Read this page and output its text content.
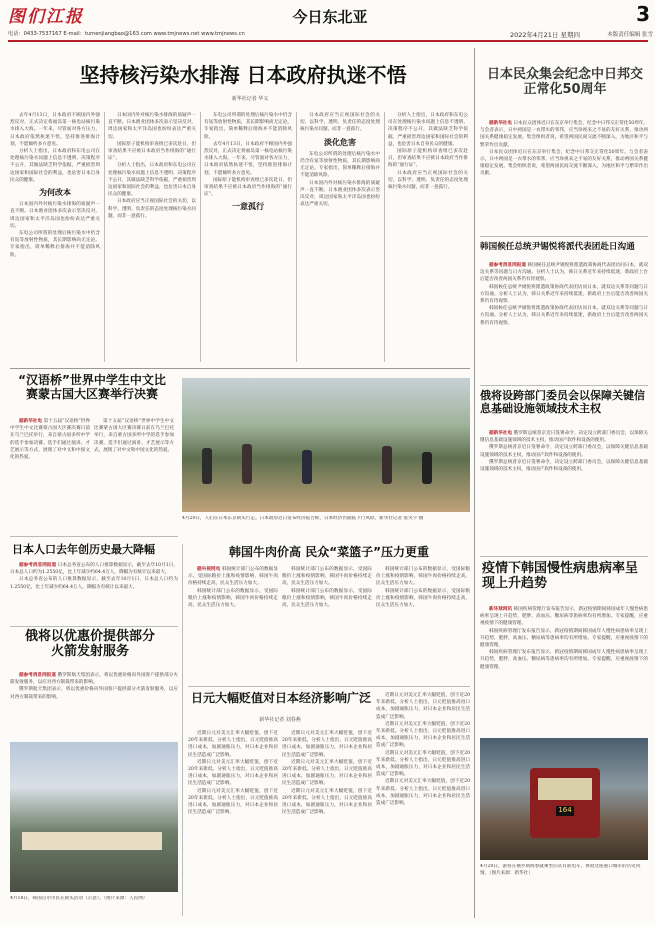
图们江报	今日东北亚	3
电话：0433-7537167 E-mail：tumenjiangbao@163.com www.tmjnews.net www.tmjnews.cn	2022年4月21日 星期四	本版责任编辑 张雪
坚持核污染水排海 日本政府执迷不悟
新华社记者 华义

去年4月13日，日本政府不顾国内外强烈反对，正式决定将福岛第一核电站核污染水排入大海。一年来，尽管面对各方压力，日本政府依然执迷不悟，坚持推进排海计划，不愿倾听多方意见。

分析人士指出，日本政府和东电公司在处理核污染水问题上信息不透明、决策程序不公开，其做法缺乏科学依据，严重损害周边国家和国际社会的利益，也危害日本自身民众的健康。

为何改本

日本国内外对核污染水排海的质疑声一直不断。日本渔业团体多次表示坚决反对，周边国家和太平洋岛国也纷纷表达严重关切。

东电公司所谓的处理后核污染水中仍含有氚等放射性物质，其长期影响尚无定论。专家指出，简单稀释后排海并不能消除风险。

日本国内外对核污染水排海的质疑声一直不断。日本渔业团体多次表示坚决反对，周边国家和太平洋岛国也纷纷表达严重关切。

国际原子能机构审查组已多次赴日，但审查结果不应被日本政府当作排海的“通行证”。

分析人士指出，日本政府和东电公司在处理核污染水问题上信息不透明、决策程序不公开，其做法缺乏科学依据，严重损害周边国家和国际社会的利益，也危害日本自身民众的健康。

日本政府应当正视国际社会的关切，以科学、透明、负责任的态度处理核污染水问题，而非一意孤行。

东电公司所谓的处理后核污染水中仍含有氚等放射性物质，其长期影响尚无定论。专家指出，简单稀释后排海并不能消除风险。

去年4月13日，日本政府不顾国内外强烈反对，正式决定将福岛第一核电站核污染水排入大海。一年来，尽管面对各方压力，日本政府依然执迷不悟，坚持推进排海计划，不愿倾听多方意见。

国际原子能机构审查组已多次赴日，但审查结果不应被日本政府当作排海的“通行证”。

一意孤行

日本政府应当正视国际社会的关切，以科学、透明、负责任的态度处理核污染水问题，而非一意孤行。

淡化危害

东电公司所谓的处理后核污染水中仍含有氚等放射性物质，其长期影响尚无定论。专家指出，简单稀释后排海并不能消除风险。

日本国内外对核污染水排海的质疑声一直不断。日本渔业团体多次表示坚决反对，周边国家和太平洋岛国也纷纷表达严重关切。

分析人士指出，日本政府和东电公司在处理核污染水问题上信息不透明、决策程序不公开，其做法缺乏科学依据，严重损害周边国家和国际社会的利益，也危害日本自身民众的健康。

国际原子能机构审查组已多次赴日，但审查结果不应被日本政府当作排海的“通行证”。

日本政府应当正视国际社会的关切，以科学、透明、负责任的态度处理核污染水问题，而非一意孤行。

日本民众集会纪念中日邦交正常化50周年

据新华社电 日本民众团体近日在东京举行集会，纪念中日邦交正常化50周年。与会者表示，日中两国是一衣带水的邻邦，应当珍视来之不易的友好关系，推动两国关系健康稳定发展。集会组织者说，希望两国民间交流不断深入，为地区和平与繁荣作出贡献。

日本民众团体近日在东京举行集会，纪念中日邦交正常化50周年。与会者表示，日中两国是一衣带水的邻邦，应当珍视来之不易的友好关系，推动两国关系健康稳定发展。集会组织者说，希望两国民间交流不断深入，为地区和平与繁荣作出贡献。

韩国候任总统尹锡悦将派代表团赴日沟通

据参考消息网报道 韩国候任总统尹锡悦将派遣政策协商代表团访问日本，就双边关系等问题与日方沟通。分析人士认为，韩日关系近年来持续低迷，新政府上台后能否改善两国关系仍有待观察。

韩国候任总统尹锡悦将派遣政策协商代表团访问日本，就双边关系等问题与日方沟通。分析人士认为，韩日关系近年来持续低迷，新政府上台后能否改善两国关系仍有待观察。

韩国候任总统尹锡悦将派遣政策协商代表团访问日本，就双边关系等问题与日方沟通。分析人士认为，韩日关系近年来持续低迷，新政府上台后能否改善两国关系仍有待观察。

俄将设跨部门委员会以保障关键信息基础设施领域技术主权

据新华社电 俄罗斯总统普京近日签署命令，决定设立跨部门委员会，以保障关键信息基础设施领域的技术主权，推动国产软件和设备的使用。

俄罗斯总统普京近日签署命令，决定设立跨部门委员会，以保障关键信息基础设施领域的技术主权，推动国产软件和设备的使用。

俄罗斯总统普京近日签署命令，决定设立跨部门委员会，以保障关键信息基础设施领域的技术主权，推动国产软件和设备的使用。

疫情下韩国慢性病患病率呈现上升趋势

新环球网讯 韩国疾病管理厅发布报告显示，新冠疫情期间韩国成年人慢性病患病率呈现上升趋势，肥胖、高血压、糖尿病等患病率均有所增加。专家提醒，应重视疫情下的健康管理。

韩国疾病管理厅发布报告显示，新冠疫情期间韩国成年人慢性病患病率呈现上升趋势，肥胖、高血压、糖尿病等患病率均有所增加。专家提醒，应重视疫情下的健康管理。

韩国疾病管理厅发布报告显示，新冠疫情期间韩国成年人慢性病患病率呈现上升趋势，肥胖、高血压、糖尿病等患病率均有所增加。专家提醒，应重视疫情下的健康管理。

164
4月20日，游客在俄罗斯海参崴乘坐旧式有轨电车，体验这座港口城市的历史风情。（图片来源：新华社）
“汉语桥”世界中学生中文比赛蒙古国大区赛举行决赛

据新华社电 第十五届“汉语桥”世界中学生中文比赛蒙古国大区赛决赛日前在乌兰巴托举行，来自蒙古国多所中学的选手参加决赛。选手们通过演讲、才艺展示等方式，展现了对中文和中国文化的热爱。

第十五届“汉语桥”世界中学生中文比赛蒙古国大区赛决赛日前在乌兰巴托举行，来自蒙古国多所中学的选手参加决赛。选手们通过演讲、才艺展示等方式，展现了对中文和中国文化的热爱。

4月20日，人们在日本东京街头行走。日本政府近日发布经济报告称，日本经济仍面临下行风险。新华社记者 张笑宇 摄
日本人口去年创历史最大降幅

据参考消息网报道 日本总务省公布的人口推算数据显示，截至去年10月1日，日本总人口约为1.2550亿，比上年减少约64.4万人，降幅为有统计以来最大。

日本总务省公布的人口推算数据显示，截至去年10月1日，日本总人口约为1.2550亿，比上年减少约64.4万人，降幅为有统计以来最大。

俄将以优惠价提供部分火箭发射服务

据参考消息网报道 俄罗斯航天集团表示，将以优惠价格向外国客户提供部分火箭发射服务，以应对西方制裁带来的影响。

俄罗斯航天集团表示，将以优惠价格向外国客户提供部分火箭发射服务，以应对西方制裁带来的影响。

4月18日，韩国首尔市民在街头活动（示意）。（图片来源：人民网）
韩国牛肉价高 民众“菜篮子”压力更重

据央视网电 韩国统计部门公布的数据显示，受国际粮价上涨和疫情影响，韩国牛肉价格持续走高，民众生活压力加大。

韩国统计部门公布的数据显示，受国际粮价上涨和疫情影响，韩国牛肉价格持续走高，民众生活压力加大。

韩国统计部门公布的数据显示，受国际粮价上涨和疫情影响，韩国牛肉价格持续走高，民众生活压力加大。

韩国统计部门公布的数据显示，受国际粮价上涨和疫情影响，韩国牛肉价格持续走高，民众生活压力加大。

韩国统计部门公布的数据显示，受国际粮价上涨和疫情影响，韩国牛肉价格持续走高，民众生活压力加大。

韩国统计部门公布的数据显示，受国际粮价上涨和疫情影响，韩国牛肉价格持续走高，民众生活压力加大。

日元大幅贬值对日本经济影响广泛
新华社记者 刘春燕

近期日元对美元汇率大幅贬值，创下近20年来新低。分析人士指出，日元贬值推高进口成本，加剧通胀压力，对日本企业和居民生活造成广泛影响。

近期日元对美元汇率大幅贬值，创下近20年来新低。分析人士指出，日元贬值推高进口成本，加剧通胀压力，对日本企业和居民生活造成广泛影响。

近期日元对美元汇率大幅贬值，创下近20年来新低。分析人士指出，日元贬值推高进口成本，加剧通胀压力，对日本企业和居民生活造成广泛影响。

近期日元对美元汇率大幅贬值，创下近20年来新低。分析人士指出，日元贬值推高进口成本，加剧通胀压力，对日本企业和居民生活造成广泛影响。

近期日元对美元汇率大幅贬值，创下近20年来新低。分析人士指出，日元贬值推高进口成本，加剧通胀压力，对日本企业和居民生活造成广泛影响。

近期日元对美元汇率大幅贬值，创下近20年来新低。分析人士指出，日元贬值推高进口成本，加剧通胀压力，对日本企业和居民生活造成广泛影响。

近期日元对美元汇率大幅贬值，创下近20年来新低。分析人士指出，日元贬值推高进口成本，加剧通胀压力，对日本企业和居民生活造成广泛影响。

近期日元对美元汇率大幅贬值，创下近20年来新低。分析人士指出，日元贬值推高进口成本，加剧通胀压力，对日本企业和居民生活造成广泛影响。

近期日元对美元汇率大幅贬值，创下近20年来新低。分析人士指出，日元贬值推高进口成本，加剧通胀压力，对日本企业和居民生活造成广泛影响。

近期日元对美元汇率大幅贬值，创下近20年来新低。分析人士指出，日元贬值推高进口成本，加剧通胀压力，对日本企业和居民生活造成广泛影响。
